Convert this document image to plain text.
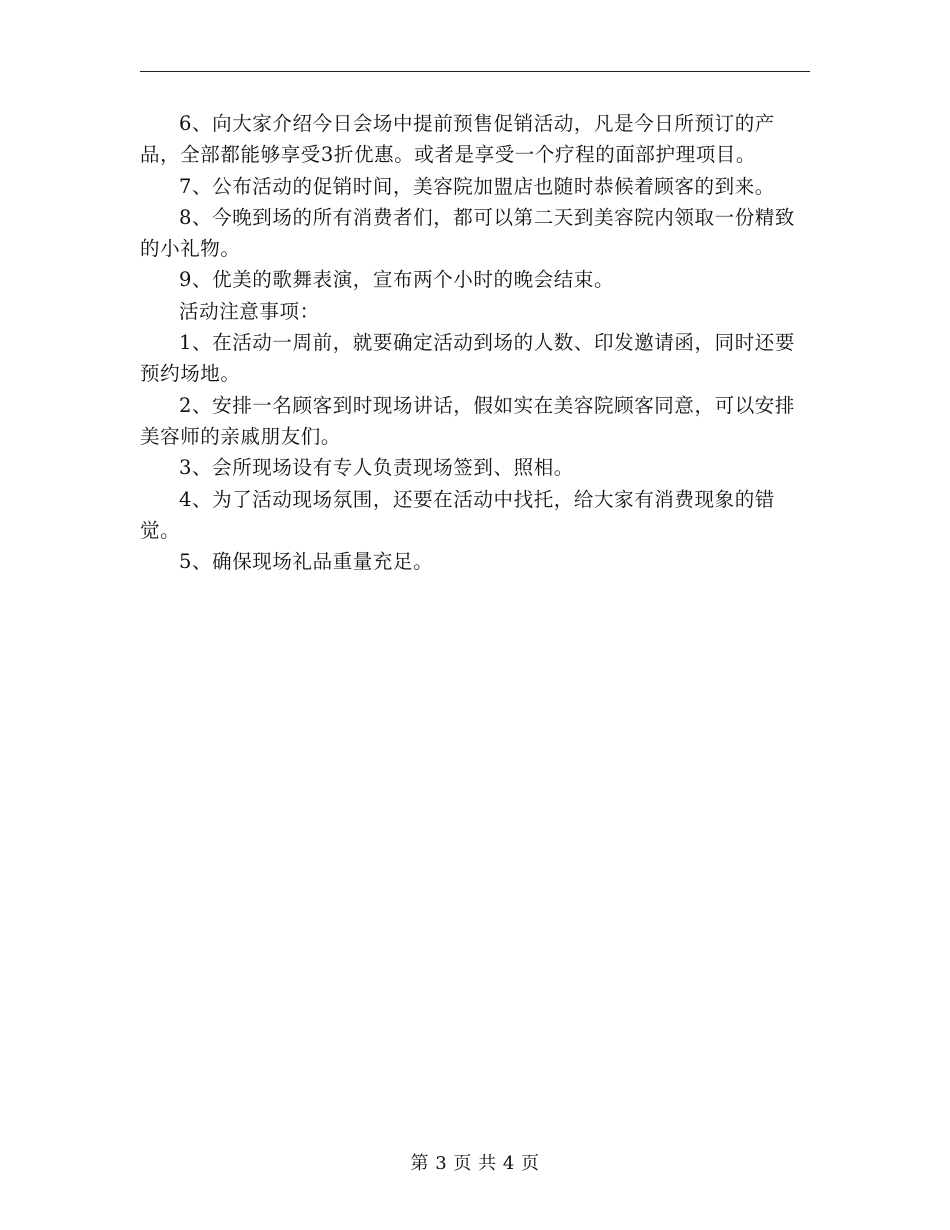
6、向大家介绍今日会场中提前预售促销活动，凡是今日所预订的产品，全部都能够享受3折优惠。或者是享受一个疗程的面部护理项目。

7、公布活动的促销时间，美容院加盟店也随时恭候着顾客的到来。

8、今晚到场的所有消费者们，都可以第二天到美容院内领取一份精致的小礼物。

9、优美的歌舞表演，宣布两个小时的晚会结束。

活动注意事项：

1、在活动一周前，就要确定活动到场的人数、印发邀请函，同时还要预约场地。

2、安排一名顾客到时现场讲话，假如实在美容院顾客同意，可以安排美容师的亲戚朋友们。

3、会所现场设有专人负责现场签到、照相。

4、为了活动现场氛围，还要在活动中找托，给大家有消费现象的错觉。

5、确保现场礼品重量充足。

第 3 页 共 4 页
